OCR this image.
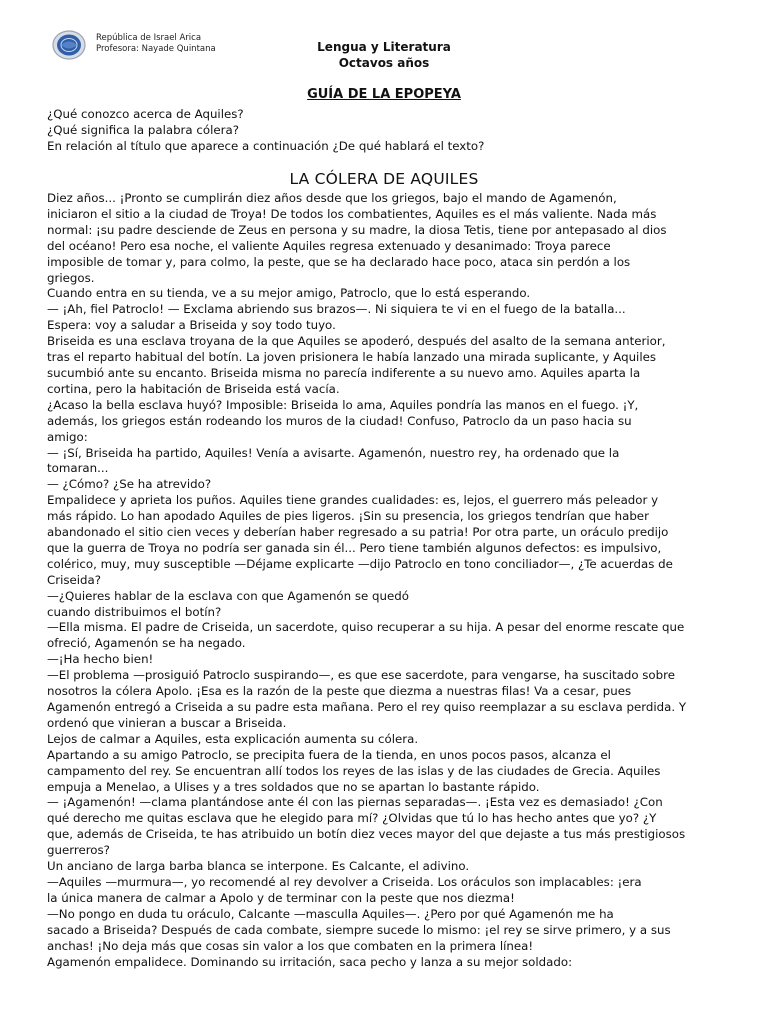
República de Israel Arica
Profesora: Nayade Quintana	Lengua y Literatura
Octavos años
GUÍA DE LA EPOPEYA
¿Qué conozco acerca de Aquiles?
¿Qué significa la palabra cólera?
En relación al título que aparece a continuación ¿De qué hablará el texto?
LA CÓLERA DE AQUILES
Diez años... ¡Pronto se cumplirán diez años desde que los griegos, bajo el mando de Agamenón,
iniciaron el sitio a la ciudad de Troya! De todos los combatientes, Aquiles es el más valiente. Nada más
normal: ¡su padre desciende de Zeus en persona y su madre, la diosa Tetis, tiene por antepasado al dios
del océano! Pero esa noche, el valiente Aquiles regresa extenuado y desanimado: Troya parece
imposible de tomar y, para colmo, la peste, que se ha declarado hace poco, ataca sin perdón a los
griegos.
Cuando entra en su tienda, ve a su mejor amigo, Patroclo, que lo está esperando.
— ¡Ah, fiel Patroclo! — Exclama abriendo sus brazos—. Ni siquiera te vi en el fuego de la batalla...
Espera: voy a saludar a Briseida y soy todo tuyo.
Briseida es una esclava troyana de la que Aquiles se apoderó, después del asalto de la semana anterior,
tras el reparto habitual del botín. La joven prisionera le había lanzado una mirada suplicante, y Aquiles
sucumbió ante su encanto. Briseida misma no parecía indiferente a su nuevo amo. Aquiles aparta la
cortina, pero la habitación de Briseida está vacía.
¿Acaso la bella esclava huyó? Imposible: Briseida lo ama, Aquiles pondría las manos en el fuego. ¡Y,
además, los griegos están rodeando los muros de la ciudad! Confuso, Patroclo da un paso hacia su
amigo:
— ¡Sí, Briseida ha partido, Aquiles! Venía a avisarte. Agamenón, nuestro rey, ha ordenado que la
tomaran...
— ¿Cómo? ¿Se ha atrevido?
Empalidece y aprieta los puños. Aquiles tiene grandes cualidades: es, lejos, el guerrero más peleador y
más rápido. Lo han apodado Aquiles de pies ligeros. ¡Sin su presencia, los griegos tendrían que haber
abandonado el sitio cien veces y deberían haber regresado a su patria! Por otra parte, un oráculo predijo
que la guerra de Troya no podría ser ganada sin él... Pero tiene también algunos defectos: es impulsivo,
colérico, muy, muy susceptible —Déjame explicarte —dijo Patroclo en tono conciliador—, ¿Te acuerdas de
Criseida?
—¿Quieres hablar de la esclava con que Agamenón se quedó
cuando distribuimos el botín?
—Ella misma. El padre de Criseida, un sacerdote, quiso recuperar a su hija. A pesar del enorme rescate que
ofreció, Agamenón se ha negado.
—¡Ha hecho bien!
—El problema —prosiguió Patroclo suspirando—, es que ese sacerdote, para vengarse, ha suscitado sobre
nosotros la cólera Apolo. ¡Esa es la razón de la peste que diezma a nuestras filas! Va a cesar, pues
Agamenón entregó a Criseida a su padre esta mañana. Pero el rey quiso reemplazar a su esclava perdida. Y
ordenó que vinieran a buscar a Briseida.
Lejos de calmar a Aquiles, esta explicación aumenta su cólera.
Apartando a su amigo Patroclo, se precipita fuera de la tienda, en unos pocos pasos, alcanza el
campamento del rey. Se encuentran allí todos los reyes de las islas y de las ciudades de Grecia. Aquiles
empuja a Menelao, a Ulises y a tres soldados que no se apartan lo bastante rápido.
— ¡Agamenón! —clama plantándose ante él con las piernas separadas—. ¡Esta vez es demasiado! ¿Con
qué derecho me quitas esclava que he elegido para mí? ¿Olvidas que tú lo has hecho antes que yo? ¿Y
que, además de Criseida, te has atribuido un botín diez veces mayor del que dejaste a tus más prestigiosos
guerreros?
Un anciano de larga barba blanca se interpone. Es Calcante, el adivino.
—Aquiles —murmura—, yo recomendé al rey devolver a Criseida. Los oráculos son implacables: ¡era
la única manera de calmar a Apolo y de terminar con la peste que nos diezma!
—No pongo en duda tu oráculo, Calcante —masculla Aquiles—. ¿Pero por qué Agamenón me ha
sacado a Briseida? Después de cada combate, siempre sucede lo mismo: ¡el rey se sirve primero, y a sus
anchas! ¡No deja más que cosas sin valor a los que combaten en la primera línea!
Agamenón empalidece. Dominando su irritación, saca pecho y lanza a su mejor soldado:
